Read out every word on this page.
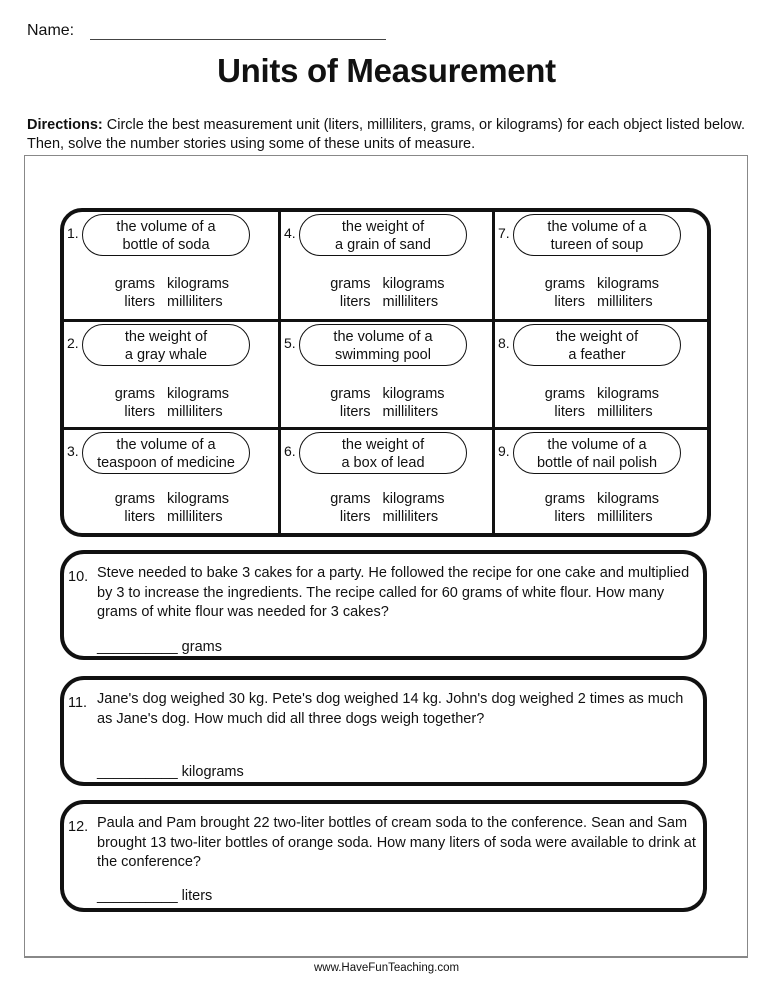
Name:
Units of Measurement
Directions: Circle the best measurement unit (liters, milliliters, grams, or kilograms) for each object listed below. Then, solve the number stories using some of these units of measure.
1.	the volume of a
bottle of soda
grams kilograms
liters milliliters
4.	the weight of
a grain of sand
grams kilograms
liters milliliters
7.	the volume of a
tureen of soup
grams kilograms
liters milliliters
2.	the weight of
a gray whale
grams kilograms
liters milliliters
5.	the volume of a
swimming pool
grams kilograms
liters milliliters
8.	the weight of
a feather
grams kilograms
liters milliliters
3.	the volume of a
teaspoon of medicine
grams kilograms
liters milliliters
6.	the weight of
a box of lead
grams kilograms
liters milliliters
9.	the volume of a
bottle of nail polish
grams kilograms
liters milliliters
10. Steve needed to bake 3 cakes for a party. He followed the recipe for one cake and multiplied by 3 to increase the ingredients. The recipe called for 60 grams of white flour. How many grams of white flour was needed for 3 cakes?
__________ grams
11. Jane's dog weighed 30 kg. Pete's dog weighed 14 kg. John's dog weighed 2 times as much as Jane's dog. How much did all three dogs weigh together?
__________ kilograms
12. Paula and Pam brought 22 two-liter bottles of cream soda to the conference. Sean and Sam brought 13 two-liter bottles of orange soda. How many liters of soda were available to drink at the conference?
__________ liters
www.HaveFunTeaching.com
